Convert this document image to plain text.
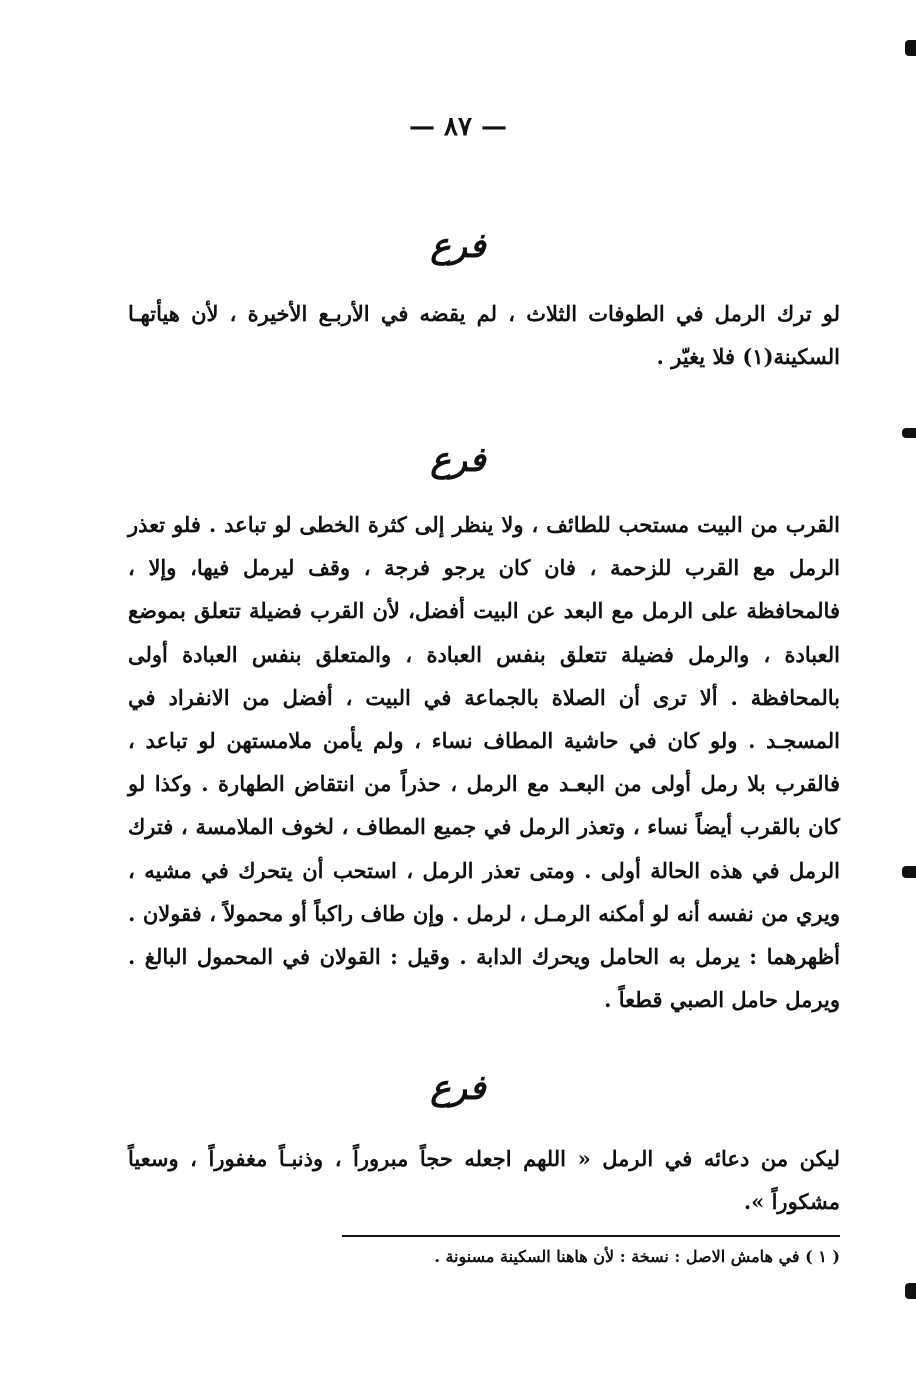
— ٨٧ —
فرع

لو ترك الرمل في الطوفات الثلاث ، لم يقضه في الأربـع الأخيرة ، لأن هيأتهـا السكينة(١) فلا يغيّر .

فرع

القرب من البيت مستحب للطائف ، ولا ينظر إلى كثرة الخطى لو تباعد . فلو تعذر الرمل مع القرب للزحمة ، فان كان يرجو فرجة ، وقف ليرمل فيها، وإلا ، فالمحافظة على الرمل مع البعد عن البيت أفضل، لأن القرب فضيلة تتعلق بموضع العبادة ، والرمل فضيلة تتعلق بنفس العبادة ، والمتعلق بنفس العبادة أولى بالمحافظة . ألا ترى أن الصلاة بالجماعة في البيت ، أفضل من الانفراد في المسجـد . ولو كان في حاشية المطاف نساء ، ولم يأمن ملامستهن لو تباعد ، فالقرب بلا رمل أولى من البعـد مع الرمل ، حذراً من انتقاض الطهارة . وكذا لو كان بالقرب أيضاً نساء ، وتعذر الرمل في جميع المطاف ، لخوف الملامسة ، فترك الرمل في هذه الحالة أولى . ومتى تعذر الرمل ، استحب أن يتحرك في مشيه ، ويري من نفسه أنه لو أمكنه الرمـل ، لرمل . وإن طاف راكباً أو محمولاً ، فقولان . أظهرهما : يرمل به الحامل ويحرك الدابة . وقيل : القولان في المحمول البالغ . ويرمل حامل الصبي قطعاً .

فرع

ليكن من دعائه في الرمل « اللهم اجعله حجاً مبروراً ، وذنبـاً مغفوراً ، وسعياً مشكوراً ».

( ١ ) في هامش الاصل : نسخة : لأن هاهنا السكينة مسنونة .
